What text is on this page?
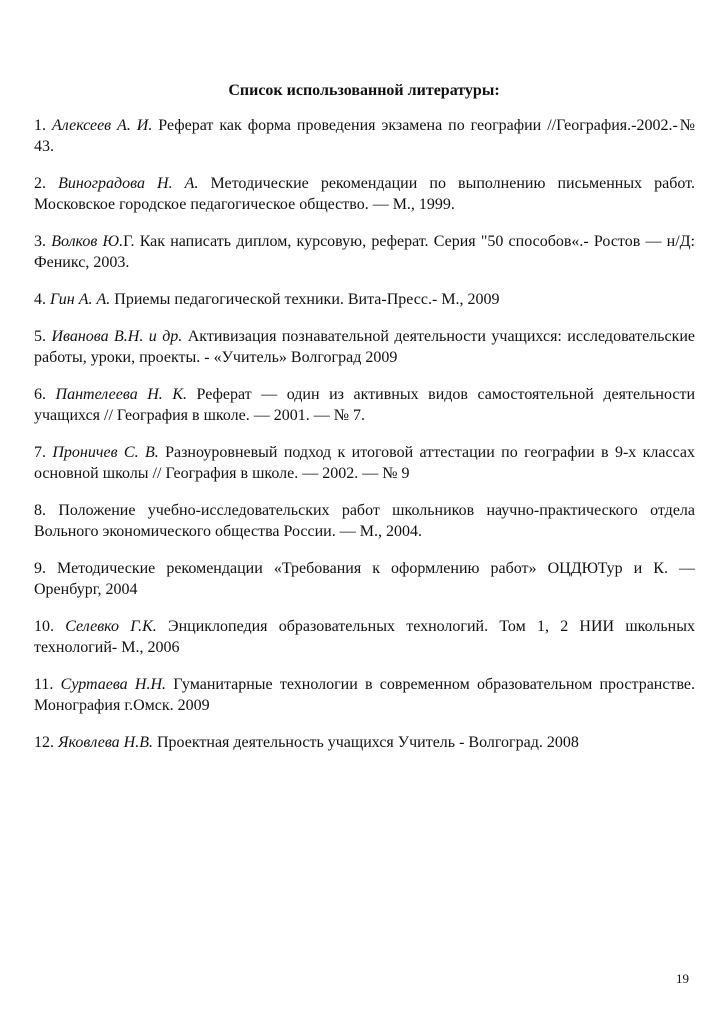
Список использованной литературы:
1. Алексеев А. И. Реферат как форма проведения экзамена по географии //География.-2002.-№ 43.
2. Виноградова Н. А. Методические рекомендации по выполнению письменных работ. Московское городское педагогическое общество. — М., 1999.
3. Волков Ю.Г. Как написать диплом, курсовую, реферат. Серия "50 способов«.- Ростов — н/Д: Феникс, 2003.
4. Гин А. А. Приемы педагогической техники. Вита-Пресс.- М., 2009
5. Иванова В.Н. и др. Активизация познавательной деятельности учащихся: исследовательские работы, уроки, проекты. - «Учитель» Волгоград 2009
6. Пантелеева Н. К. Реферат — один из активных видов самостоятельной деятельности учащихся // География в школе. — 2001. — № 7.
7. Проничев С. В. Разноуровневый подход к итоговой аттестации по географии в 9-х классах основной школы // География в школе. — 2002. — № 9
8. Положение учебно-исследовательских работ школьников научно-практического отдела Вольного экономического общества России. — М., 2004.
9. Методические рекомендации «Требования к оформлению работ» ОЦДЮТур и К. — Оренбург, 2004
10. Селевко Г.К. Энциклопедия образовательных технологий. Том 1, 2 НИИ школьных технологий- М., 2006
11. Суртаева Н.Н. Гуманитарные технологии в современном образовательном пространстве. Монография г.Омск. 2009
12. Яковлева Н.В. Проектная деятельность учащихся Учитель - Волгоград. 2008
19
